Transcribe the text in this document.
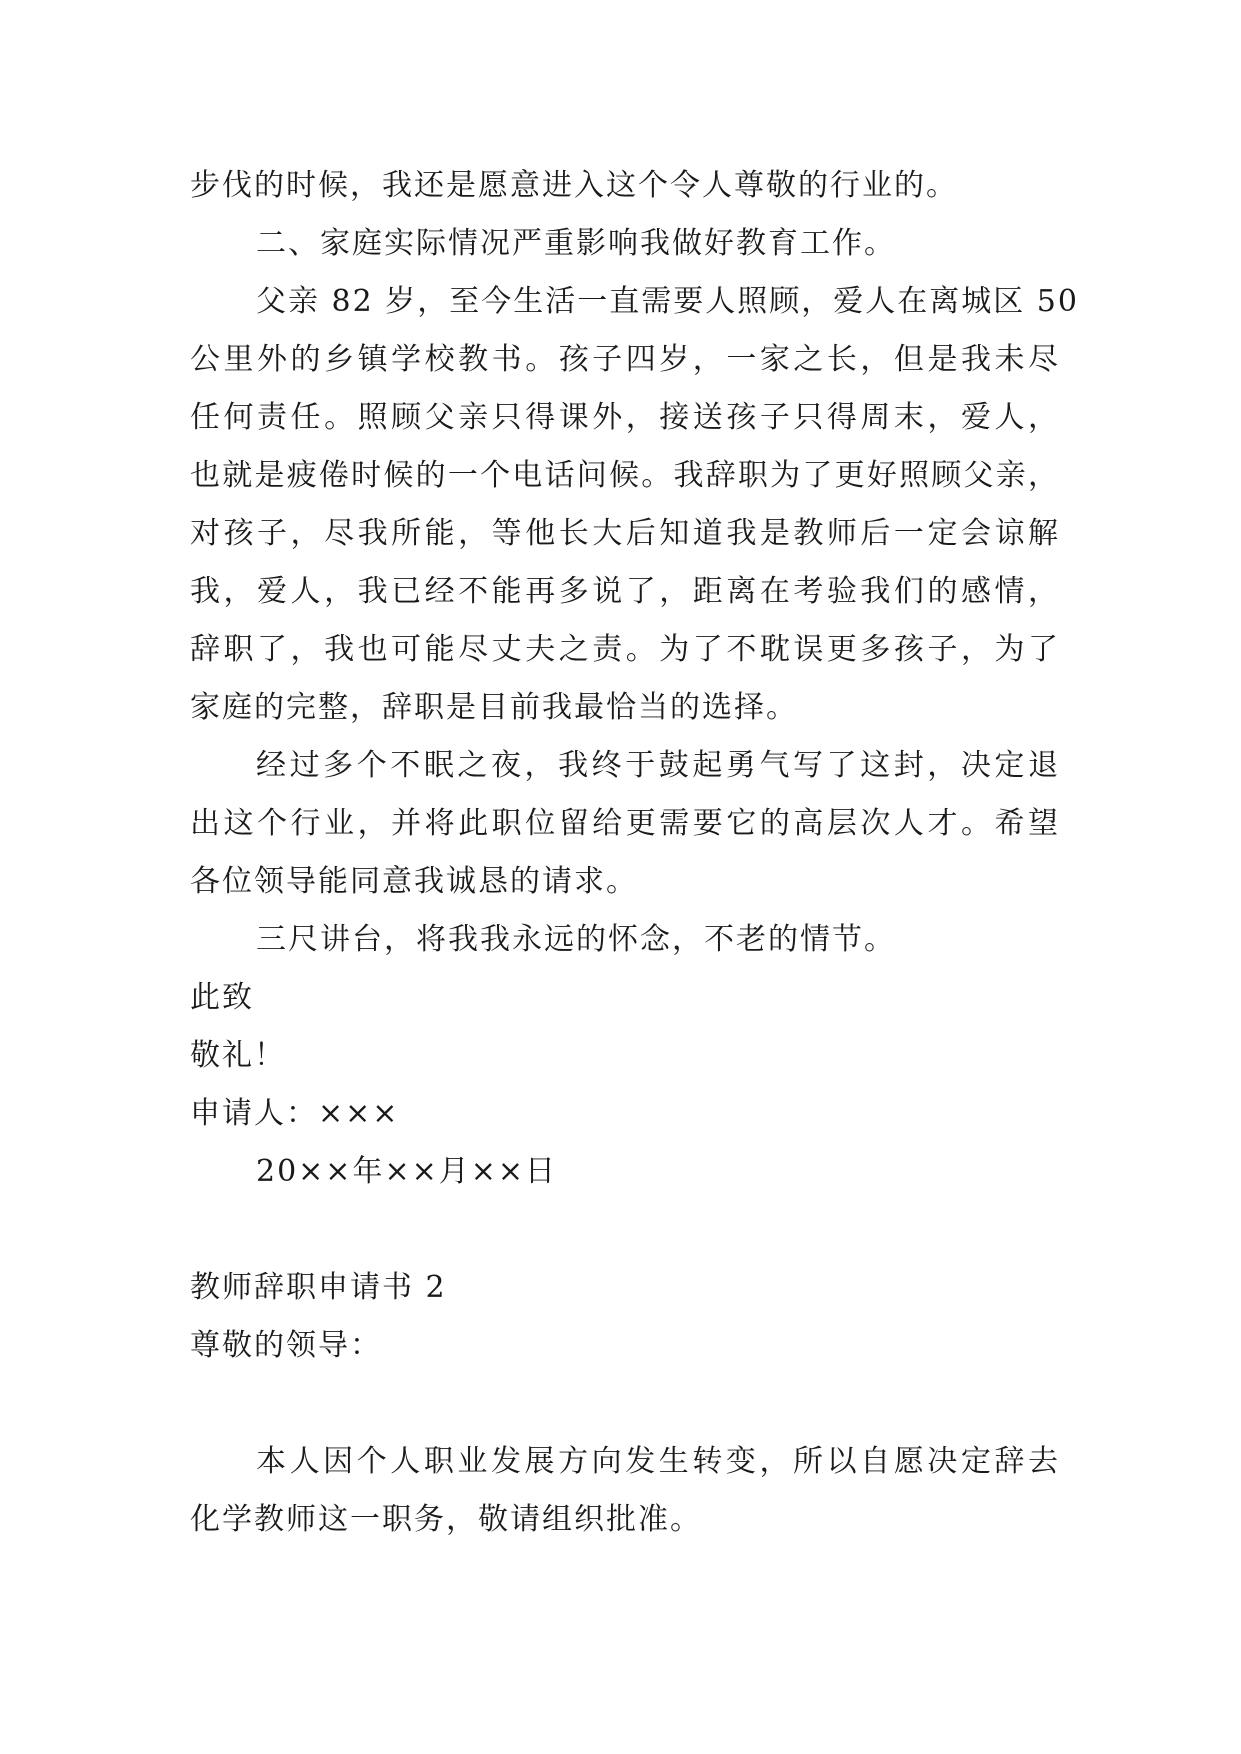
步伐的时候，我还是愿意进入这个令人尊敬的行业的。
二、家庭实际情况严重影响我做好教育工作。
父亲 82 岁，至今生活一直需要人照顾，爱人在离城区 50
公里外的乡镇学校教书。孩子四岁，一家之长，但是我未尽
任何责任。照顾父亲只得课外，接送孩子只得周末，爱人，
也就是疲倦时候的一个电话问候。我辞职为了更好照顾父亲，
对孩子，尽我所能，等他长大后知道我是教师后一定会谅解
我，爱人，我已经不能再多说了，距离在考验我们的感情，
辞职了，我也可能尽丈夫之责。为了不耽误更多孩子，为了
家庭的完整，辞职是目前我最恰当的选择。
经过多个不眠之夜，我终于鼓起勇气写了这封，决定退
出这个行业，并将此职位留给更需要它的高层次人才。希望
各位领导能同意我诚恳的请求。
三尺讲台，将我我永远的怀念，不老的情节。
此致
敬礼！
申请人：×××
20××年××月××日
教师辞职申请书 2
尊敬的领导：
本人因个人职业发展方向发生转变，所以自愿决定辞去
化学教师这一职务，敬请组织批准。
